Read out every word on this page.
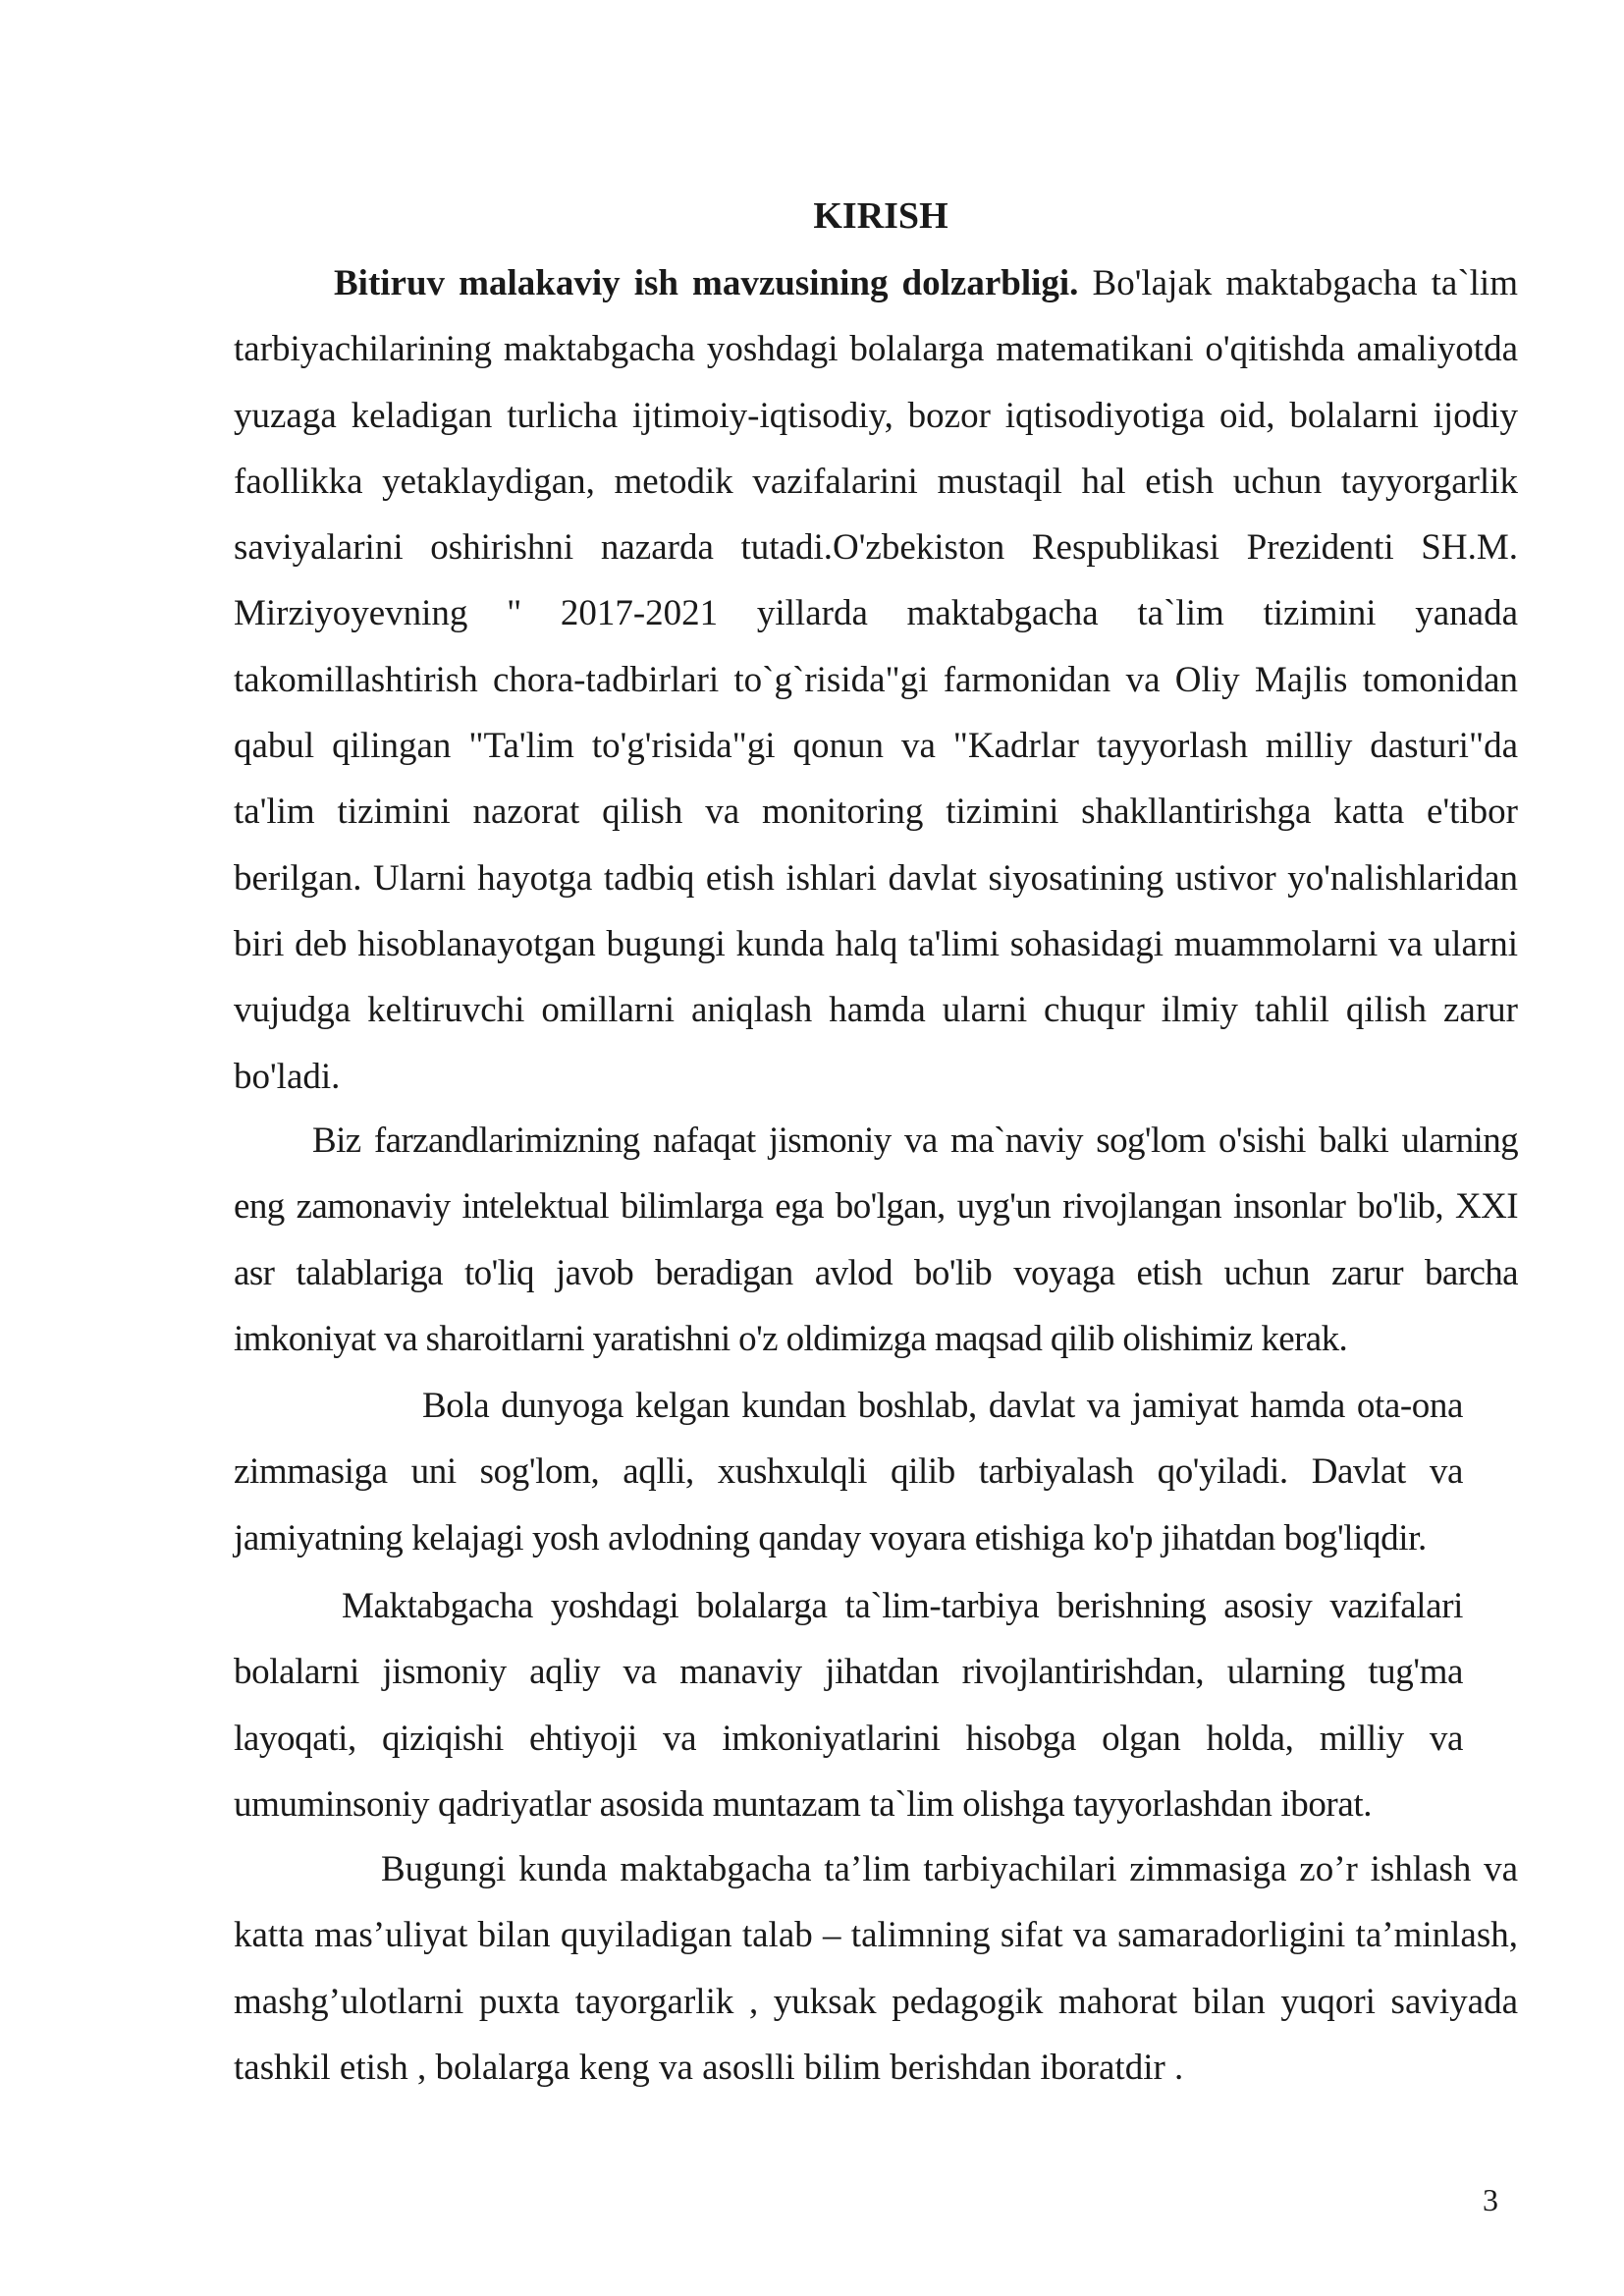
KIRISH

Bitiruv malakaviy ish mavzusining dolzarbligi. Bo'lajak maktabgacha ta`lim tarbiyachilarining maktabgacha yoshdagi bolalarga matematikani o'qitishda amaliyotda yuzaga keladigan turlicha ijtimoiy-iqtisodiy, bozor iqtisodiyotiga oid, bolalarni ijodiy faollikka yetaklaydigan, metodik vazifalarini mustaqil hal etish uchun tayyorgarlik saviyalarini oshirishni nazarda tutadi.O'zbekiston Respublikasi Prezidenti SH.M. Mirziyoyevning " 2017-2021 yillarda maktabgacha ta`lim tizimini yanada takomillashtirish chora-tadbirlari to`g`risida"gi farmonidan va Oliy Majlis tomonidan qabul qilingan "Ta'lim to'g'risida"gi qonun va "Kadrlar tayyorlash milliy dasturi"da ta'lim tizimini nazorat qilish va monitoring tizimini shakllantirishga katta e'tibor berilgan. Ularni hayotga tadbiq etish ishlari davlat siyosatining ustivor yo'nalishlaridan biri deb hisoblanayotgan bugungi kunda halq ta'limi sohasidagi muammolarni va ularni vujudga keltiruvchi omillarni aniqlash hamda ularni chuqur ilmiy tahlil qilish zarur bo'ladi.

Biz farzandlarimizning nafaqat jismoniy va ma`naviy sog'lom o'sishi balki ularning eng zamonaviy intelektual bilimlarga ega bo'lgan, uyg'un rivojlangan insonlar bo'lib, XXI asr talablariga to'liq javob beradigan avlod bo'lib voyaga etish uchun zarur barcha imkoniyat va sharoitlarni yaratishni o'z oldimizga maqsad qilib olishimiz kerak.

Bola dunyoga kelgan kundan boshlab, davlat va jamiyat hamda ota-ona zimmasiga uni sog'lom, aqlli, xushxulqli qilib tarbiyalash qo'yiladi. Davlat va jamiyatning kelajagi yosh avlodning qanday voyara etishiga ko'p jihatdan bog'liqdir.

Maktabgacha yoshdagi bolalarga ta`lim-tarbiya berishning asosiy vazifalari bolalarni jismoniy aqliy va manaviy jihatdan rivojlantirishdan, ularning tug'ma layoqati, qiziqishi ehtiyoji va imkoniyatlarini hisobga olgan holda, milliy va umuminsoniy qadriyatlar asosida muntazam ta`lim olishga tayyorlashdan iborat.

Bugungi kunda maktabgacha ta’lim tarbiyachilari zimmasiga zo’r ishlash va katta mas’uliyat bilan quyiladigan talab – talimning sifat va samaradorligini ta’minlash, mashg’ulotlarni puxta tayorgarlik , yuksak pedagogik mahorat bilan yuqori saviyada tashkil etish , bolalarga keng va asoslli bilim berishdan iboratdir .

3
